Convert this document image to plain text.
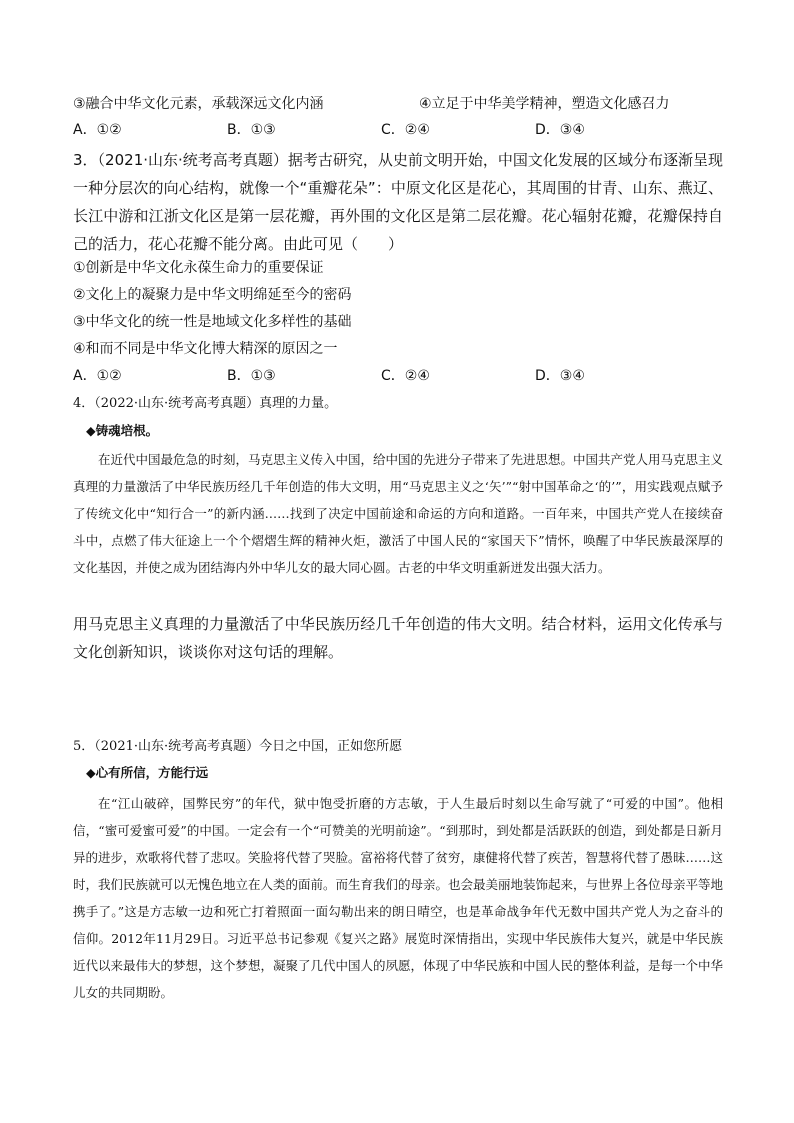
③融合中华文化元素，承载深远文化内涵	④立足于中华美学精神，塑造文化感召力
A．①②	B．①③	C．②④	D．③④
3．（2021·山东·统考高考真题）据考古研究，从史前文明开始，中国文化发展的区域分布逐渐呈现一种分层次的向心结构，就像一个“重瓣花朵”：中原文化区是花心，其周围的甘青、山东、燕辽、长江中游和江浙文化区是第一层花瓣，再外围的文化区是第二层花瓣。花心辐射花瓣，花瓣保持自己的活力，花心花瓣不能分离。由此可见（　　）
①创新是中华文化永葆生命力的重要保证
②文化上的凝聚力是中华文明绵延至今的密码
③中华文化的统一性是地域文化多样性的基础
④和而不同是中华文化博大精深的原因之一
A．①②	B．①③	C．②④	D．③④
4．（2022·山东·统考高考真题）真理的力量。
◆铸魂培根。
在近代中国最危急的时刻，马克思主义传入中国，给中国的先进分子带来了先进思想。中国共产党人用马克思主义真理的力量激活了中华民族历经几千年创造的伟大文明，用“马克思主义之‘矢’”“射中国革命之‘的’”，用实践观点赋予了传统文化中“知行合一”的新内涵……找到了决定中国前途和命运的方向和道路。一百年来，中国共产党人在接续奋斗中，点燃了伟大征途上一个个熠熠生辉的精神火炬，激活了中国人民的“家国天下”情怀，唤醒了中华民族最深厚的文化基因，并使之成为团结海内外中华儿女的最大同心圆。古老的中华文明重新迸发出强大活力。
用马克思主义真理的力量激活了中华民族历经几千年创造的伟大文明。结合材料，运用文化传承与文化创新知识，谈谈你对这句话的理解。
5．（2021·山东·统考高考真题）今日之中国，正如您所愿
◆心有所信，方能行远
在“江山破碎，国弊民穷”的年代，狱中饱受折磨的方志敏，于人生最后时刻以生命写就了“可爱的中国”。他相信，“蜜可爱蜜可爱”的中国。一定会有一个“可赞美的光明前途”。“到那时，到处都是活跃跃的创造，到处都是日新月异的进步，欢歌将代替了悲叹。笑脸将代替了哭脸。富裕将代替了贫穷，康健将代替了疾苦，智慧将代替了愚昧……这时，我们民族就可以无愧色地立在人类的面前。而生育我们的母亲。也会最美丽地装饰起来，与世界上各位母亲平等地携手了。”这是方志敏一边和死亡打着照面一面勾勒出来的朗日晴空，也是革命战争年代无数中国共产党人为之奋斗的信仰。2012年11月29日。习近平总书记参观《复兴之路》展览时深情指出，实现中华民族伟大复兴，就是中华民族近代以来最伟大的梦想，这个梦想，凝聚了几代中国人的夙愿，体现了中华民族和中国人民的整体利益，是每一个中华儿女的共同期盼。
